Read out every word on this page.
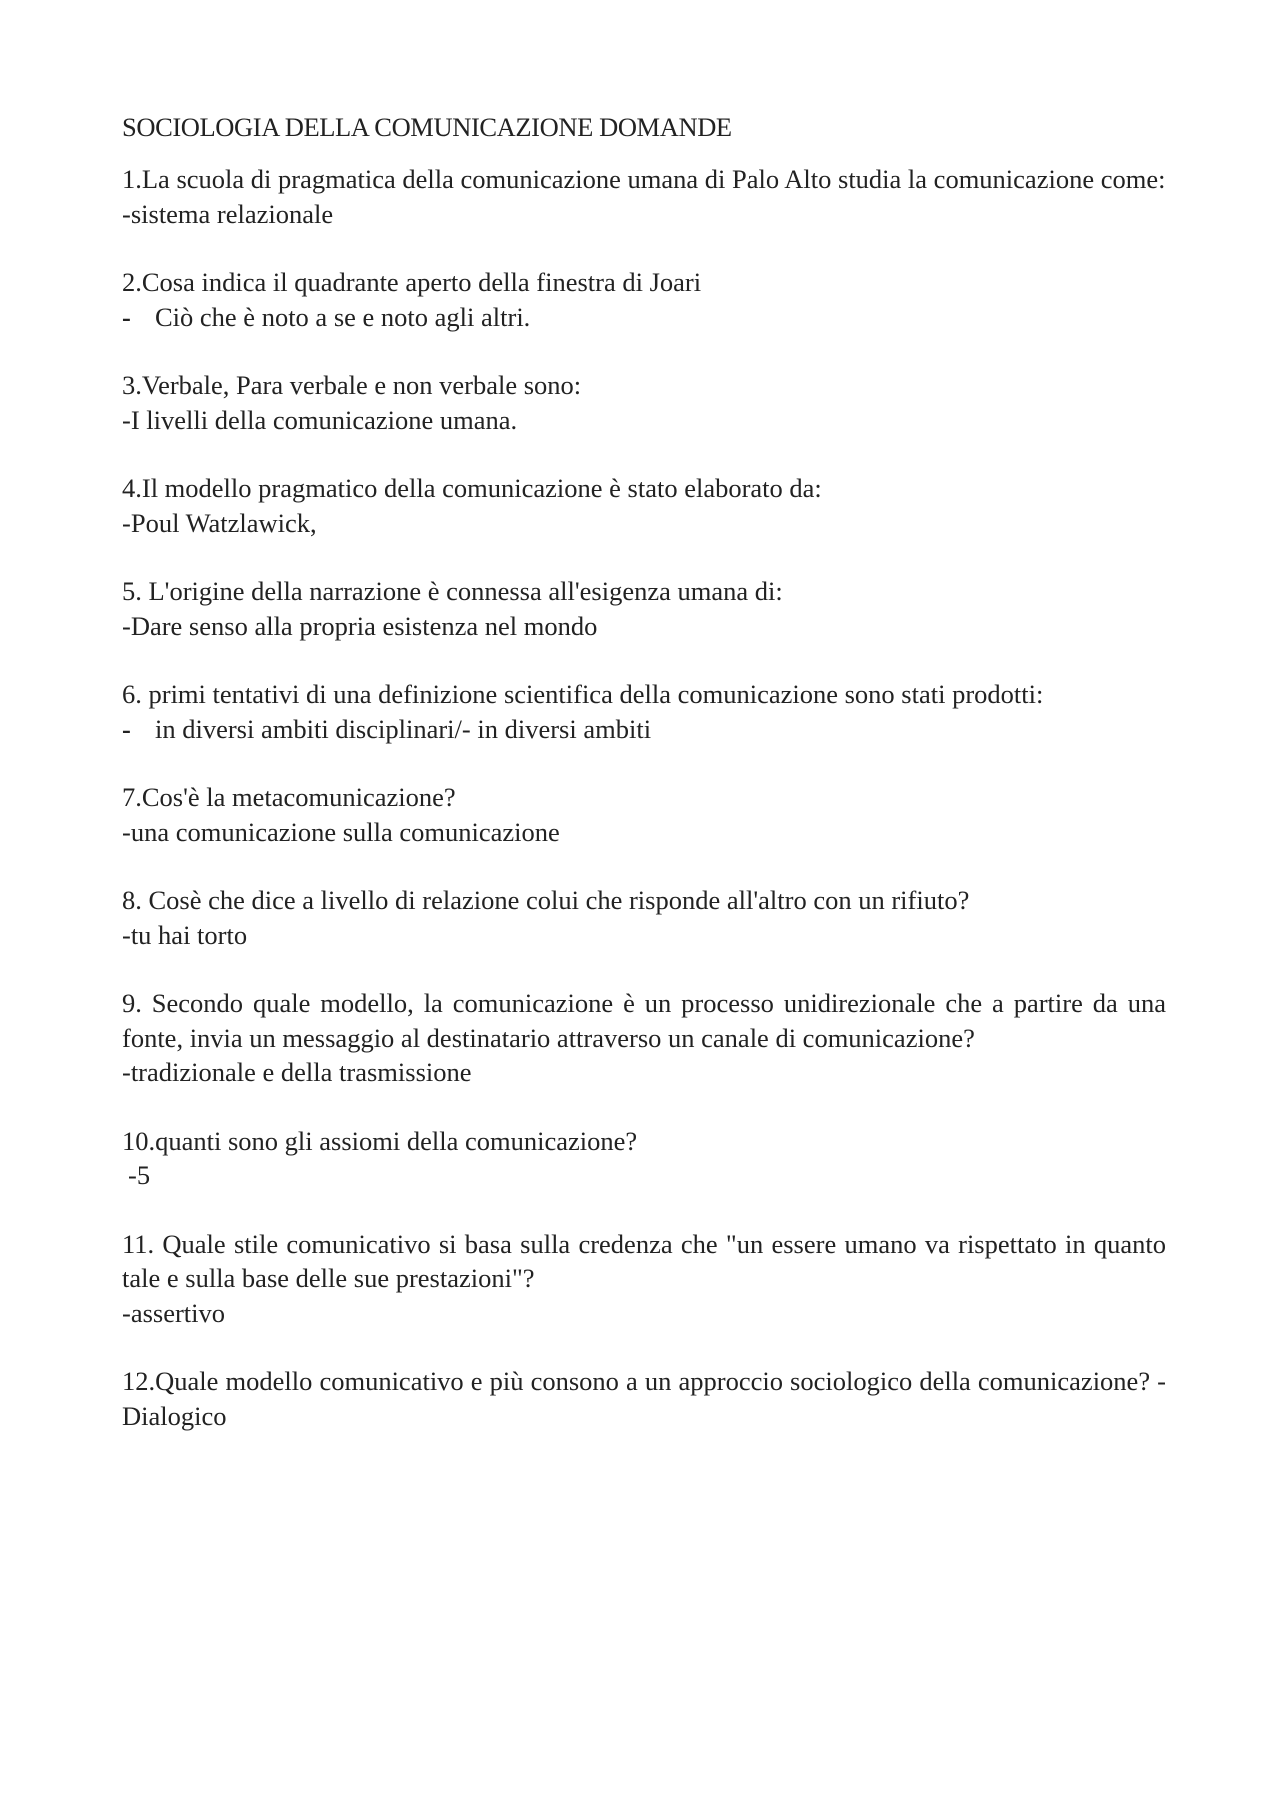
SOCIOLOGIA DELLA COMUNICAZIONE DOMANDE

1.La scuola di pragmatica della comunicazione umana di Palo Alto studia la comunicazione come:

-sistema relazionale

2.Cosa indica il quadrante aperto della finestra di Joari

- Ciò che è noto a se e noto agli altri.

3.Verbale, Para verbale e non verbale sono:

-I livelli della comunicazione umana.

4.Il modello pragmatico della comunicazione è stato elaborato da:

-Poul Watzlawick,

5. L'origine della narrazione è connessa all'esigenza umana di:

-Dare senso alla propria esistenza nel mondo

6. primi tentativi di una definizione scientifica della comunicazione sono stati prodotti:

- in diversi ambiti disciplinari/- in diversi ambiti

7.Cos'è la metacomunicazione?

-una comunicazione sulla comunicazione

8. Cosè che dice a livello di relazione colui che risponde all'altro con un rifiuto?

-tu hai torto

9. Secondo quale modello, la comunicazione è un processo unidirezionale che a partire da una fonte, invia un messaggio al destinatario attraverso un canale di comunicazione?

-tradizionale e della trasmissione

10.quanti sono gli assiomi della comunicazione?

-5

11. Quale stile comunicativo si basa sulla credenza che "un essere umano va rispettato in quanto tale e sulla base delle sue prestazioni"?

-assertivo

12.Quale modello comunicativo e più consono a un approccio sociologico della comunicazione? -Dialogico
